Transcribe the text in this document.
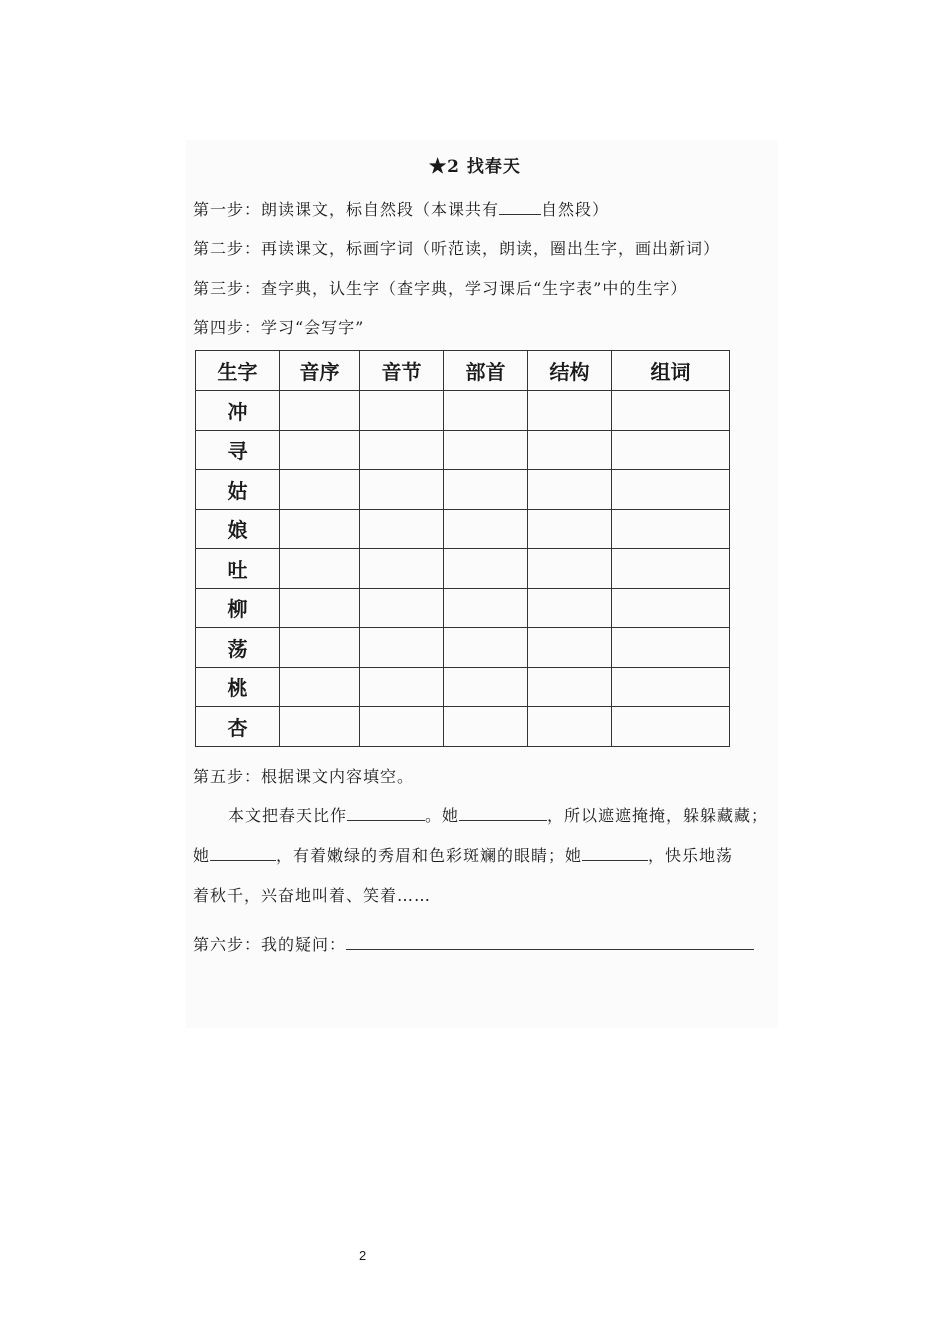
★2 找春天
第一步：朗读课文，标自然段（本课共有	自然段）
第二步：再读课文，标画字词（听范读，朗读，圈出生字，画出新词）
第三步：查字典，认生字（查字典，学习课后“生字表”中的生字）
第四步：学习“会写字”
生字	音序	音节	部首	结构	组词
冲					
寻					
姑					
娘					
吐					
柳					
荡					
桃					
杏					
第五步：根据课文内容填空。
本文把春天比作	。她	，所以遮遮掩掩，躲躲藏藏；
她	，有着嫩绿的秀眉和色彩斑斓的眼睛；她	，快乐地荡
着秋千，兴奋地叫着、笑着……
第六步：我的疑问：
2
